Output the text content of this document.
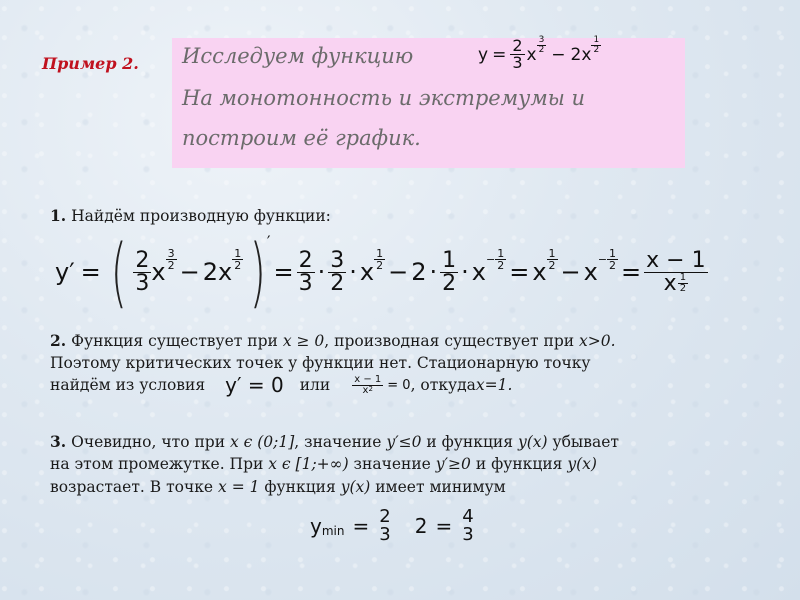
Пример 2. Исследуем функцию
На монотонность и экстремумы и
построим её график.
$y = \frac{2}{3}$ x $\frac{3}{2} - 2$ x $\frac{1}{2}$
1. Найдём производную функции:
y′ = ( $\frac{2}{3}$ x $\frac{3}{2} - 2$ x $\frac{1}{2}$ ) ′
= $\frac{2}{3} \cdot \frac{3}{2} \cdot x \frac{1}{2} - 2 \cdot \frac{1}{2} \cdot x - \frac{1}{2} = x \frac{1}{2} - x - \frac{1}{2} = \frac{x - 1}{x \frac{1}{2}}$
2. Функция существует при x ≥ 0, производная существует при x>0.
Поэтому критических точек у функции нет. Стационарную точку
найдём из условия y′ = 0 или $\frac{x - 1}{x 2} = 0$ , откуда x=1.
3. Очевидно, что при x ϵ (0;1], значение y′≤0 и функция y(x) убывает
на этом промежутке. При x ϵ [1;+∞) значение y′≥0 и функция y(x)
возрастает. В точке x = 1 функция y(x) имеет минимум
y min = 2
3 2 = 4
3
